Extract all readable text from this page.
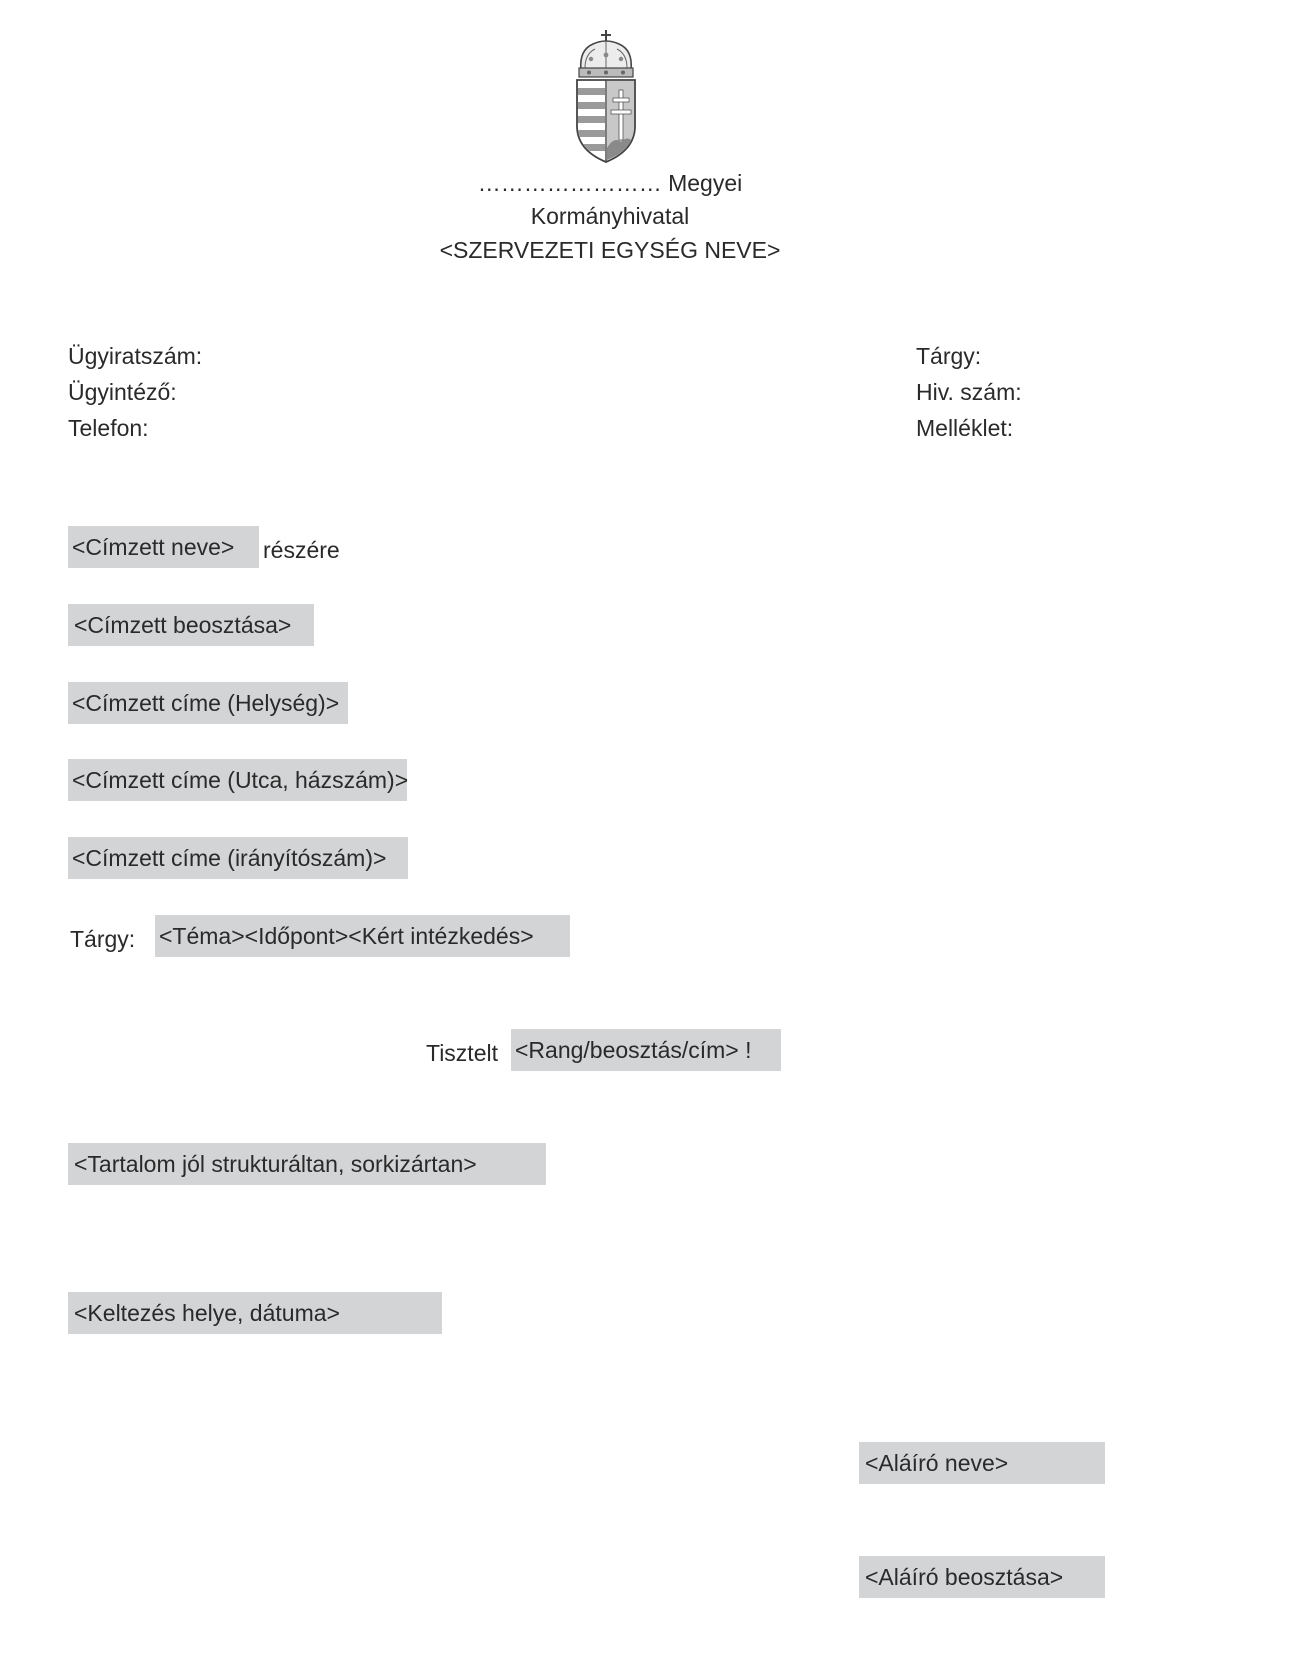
…………………… Megyei
Kormányhivatal
<SZERVEZETI EGYSÉG NEVE>
Ügyiratszám:
Ügyintéző:
Telefon:
Tárgy:
Hiv. szám:
Melléklet:
<Címzett neve>	részére
<Címzett beosztása>
<Címzett címe (Helység)>
<Címzett címe (Utca, házszám)>
<Címzett címe (irányítószám)>
Tárgy: <Téma><Időpont><Kért intézkedés>
Tisztelt <Rang/beosztás/cím> !
<Tartalom jól strukturáltan, sorkizártan>
<Keltezés helye, dátuma>
<Aláíró neve>
<Aláíró beosztása>
